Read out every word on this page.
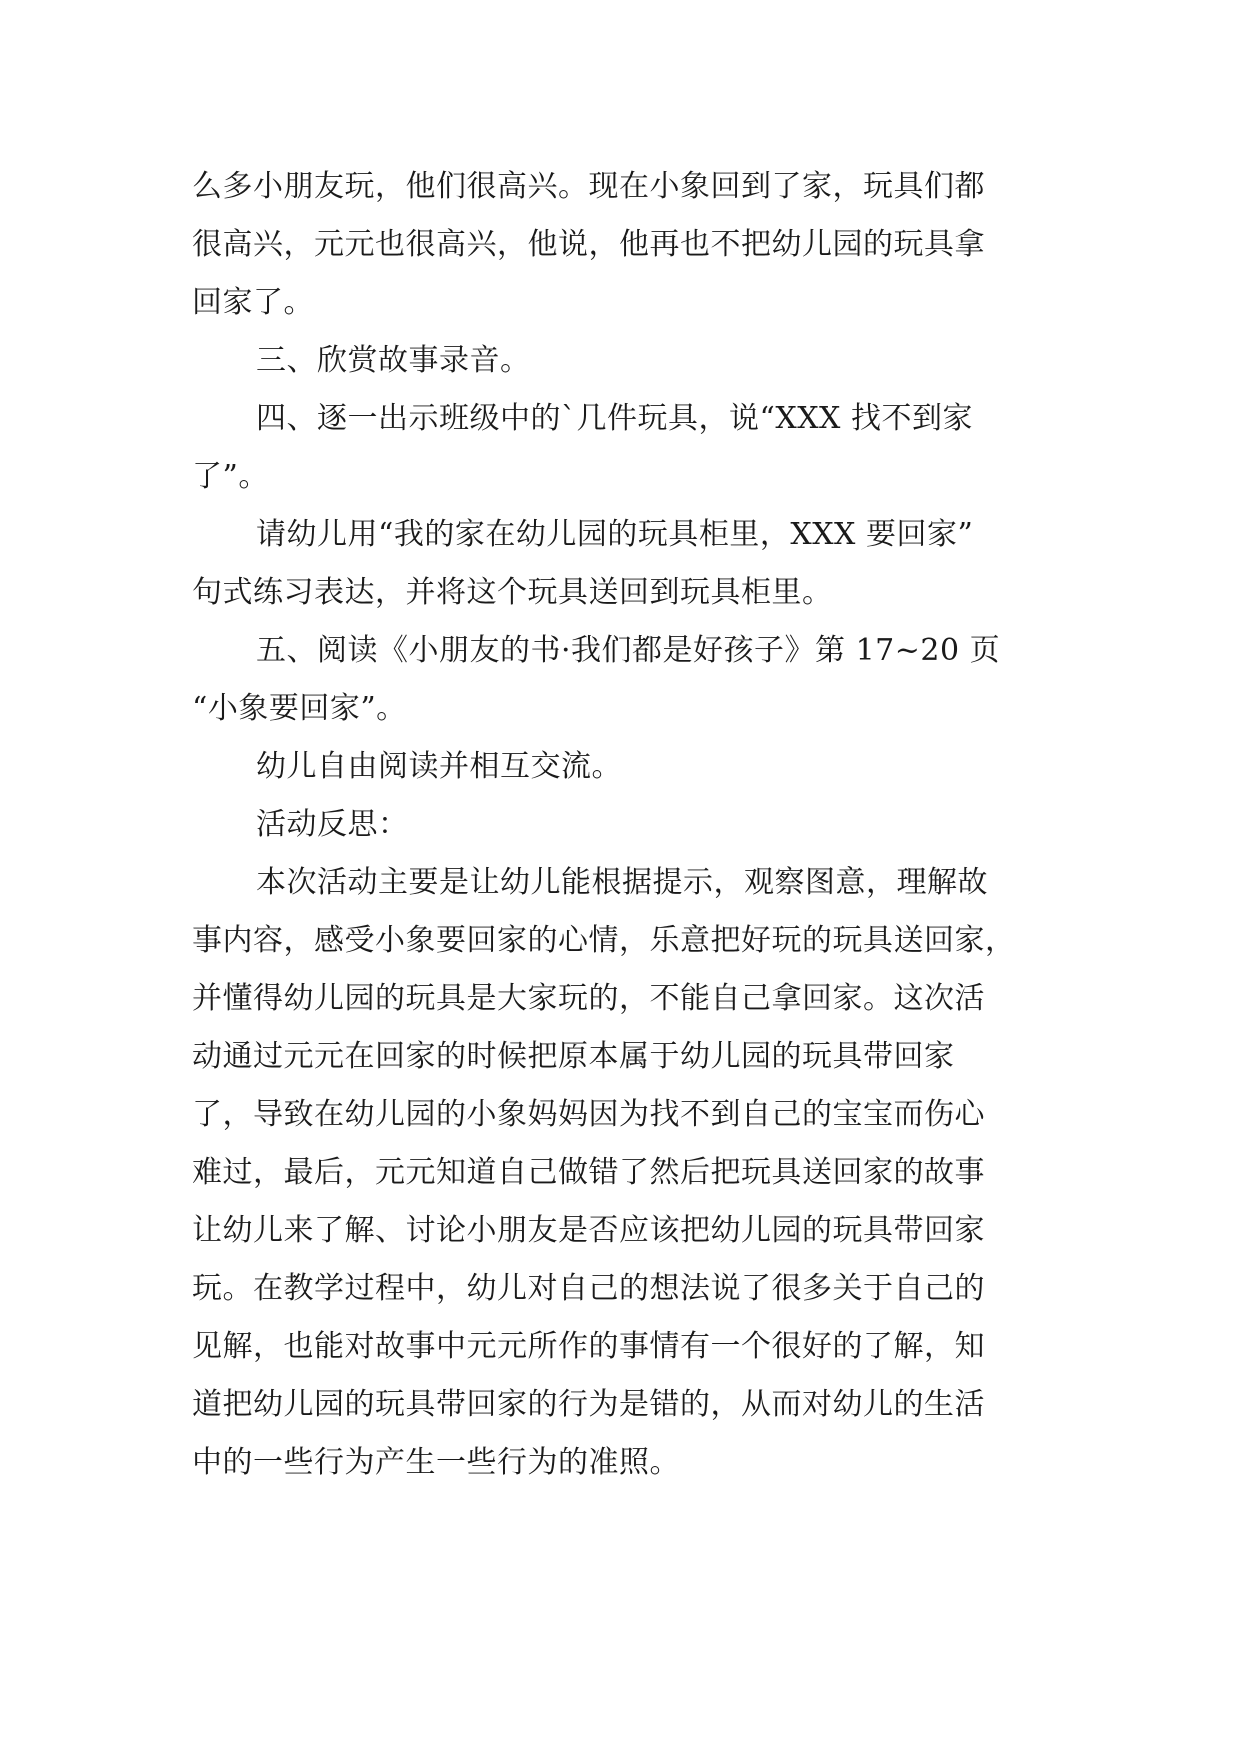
么多小朋友玩，他们很高兴。现在小象回到了家，玩具们都
很高兴，元元也很高兴，他说，他再也不把幼儿园的玩具拿
回家了。
三、欣赏故事录音。
四、逐一出示班级中的`几件玩具，说“XXX 找不到家
了”。
请幼儿用“我的家在幼儿园的玩具柜里，XXX 要回家”
句式练习表达，并将这个玩具送回到玩具柜里。
五、阅读《小朋友的书·我们都是好孩子》第 17~20 页
“小象要回家”。
幼儿自由阅读并相互交流。
活动反思：
本次活动主要是让幼儿能根据提示，观察图意，理解故
事内容，感受小象要回家的心情，乐意把好玩的玩具送回家，
并懂得幼儿园的玩具是大家玩的，不能自己拿回家。这次活
动通过元元在回家的时候把原本属于幼儿园的玩具带回家
了，导致在幼儿园的小象妈妈因为找不到自己的宝宝而伤心
难过，最后，元元知道自己做错了然后把玩具送回家的故事
让幼儿来了解、讨论小朋友是否应该把幼儿园的玩具带回家
玩。在教学过程中，幼儿对自己的想法说了很多关于自己的
见解，也能对故事中元元所作的事情有一个很好的了解，知
道把幼儿园的玩具带回家的行为是错的，从而对幼儿的生活
中的一些行为产生一些行为的准照。
